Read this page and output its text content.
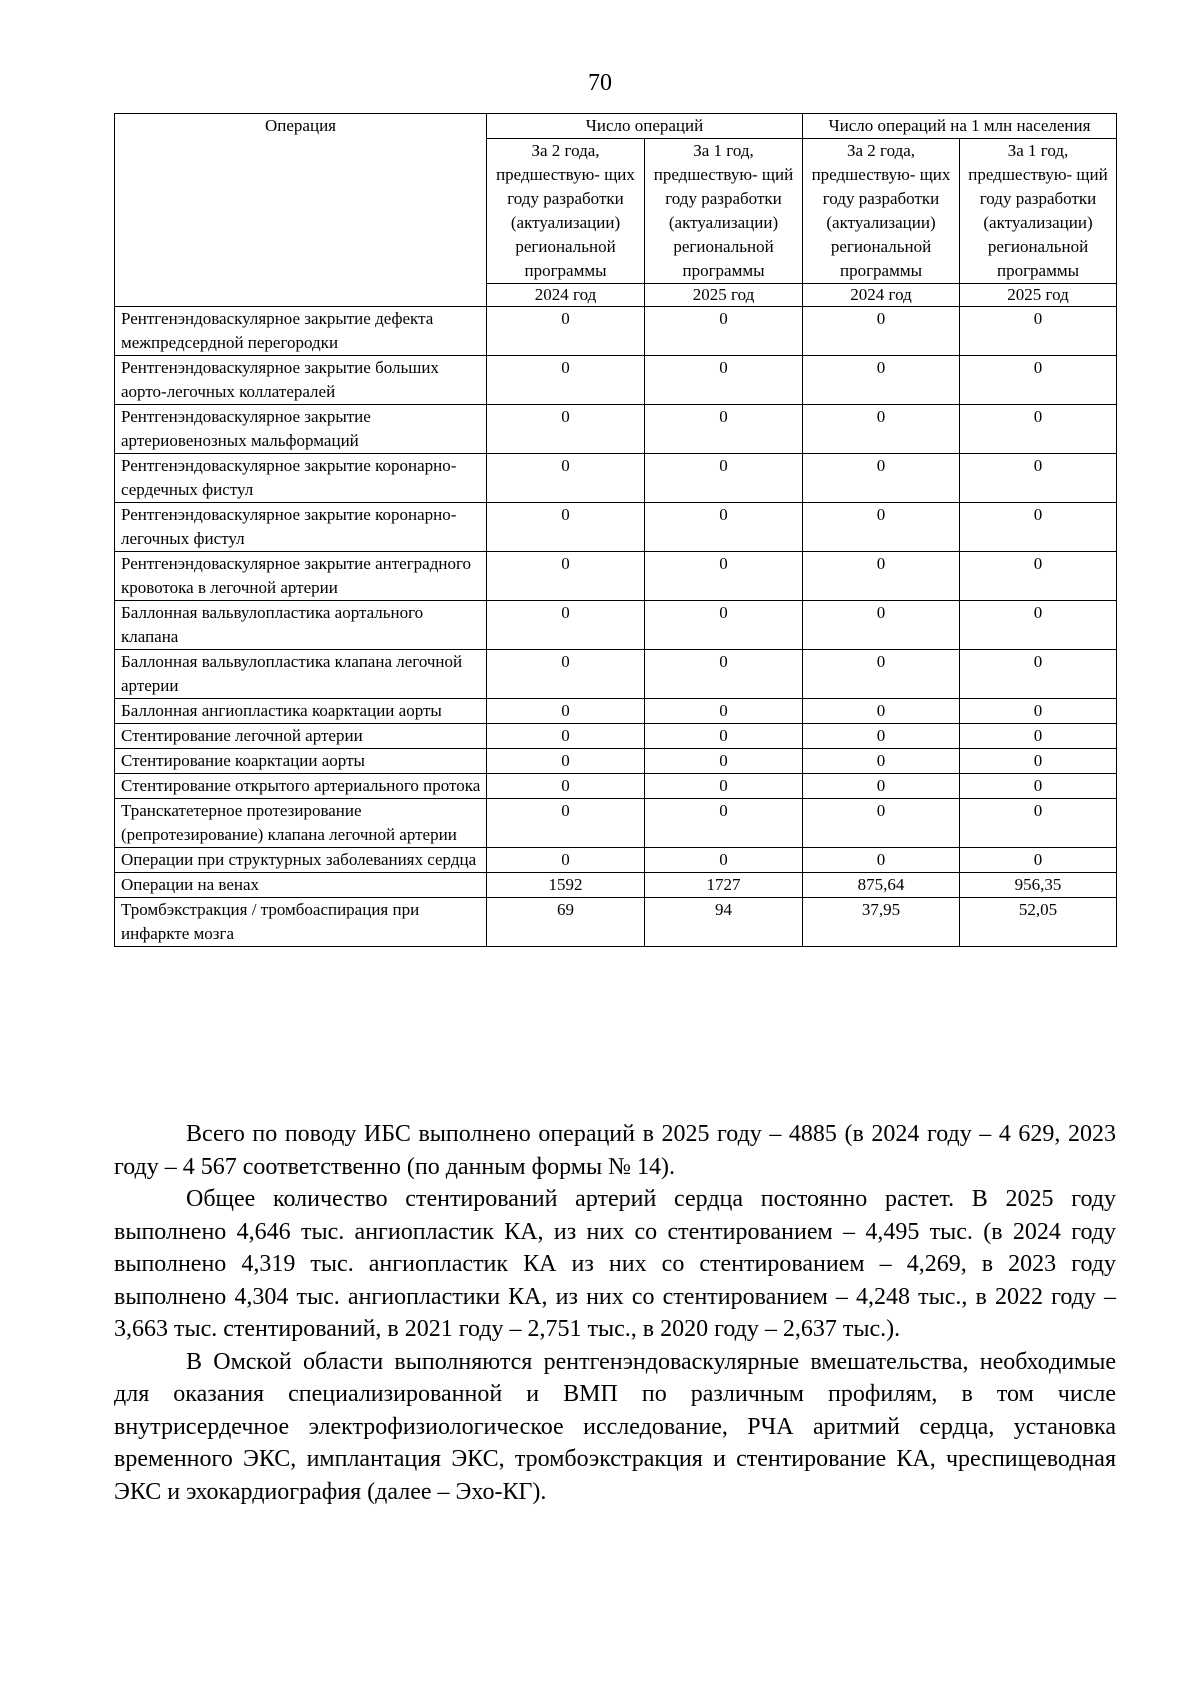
70
Операция	Число операций		Число операций на 1 млн населения	
	За 2 года, предшествую- щих году разработки (актуализации) региональной программы	За 1 год, предшествую- щий году разработки (актуализации) региональной программы	За 2 года, предшествую- щих году разработки (актуализации) региональной программы	За 1 год, предшествую- щий году разработки (актуализации) региональной программы
	2024 год	2025 год	2024 год	2025 год
Рентгенэндоваскулярное закрытие дефекта межпредсердной перегородки	0	0	0	0
Рентгенэндоваскулярное закрытие больших аорто-легочных коллатералей	0	0	0	0
Рентгенэндоваскулярное закрытие артериовенозных мальформаций	0	0	0	0
Рентгенэндоваскулярное закрытие коронарно-сердечных фистул	0	0	0	0
Рентгенэндоваскулярное закрытие коронарно-легочных фистул	0	0	0	0
Рентгенэндоваскулярное закрытие антеградного кровотока в легочной артерии	0	0	0	0
Баллонная вальвулопластика аортального клапана	0	0	0	0
Баллонная вальвулопластика клапана легочной артерии	0	0	0	0
Баллонная ангиопластика коарктации аорты	0	0	0	0
Стентирование легочной артерии	0	0	0	0
Стентирование коарктации аорты	0	0	0	0
Стентирование открытого артериального протока	0	0	0	0
Транскатетерное протезирование (репротезирование) клапана легочной артерии	0	0	0	0
Операции при структурных заболеваниях сердца	0	0	0	0
Операции на венах	1592	1727	875,64	956,35
Тромбэкстракция / тромбоаспирация при инфаркте мозга	69	94	37,95	52,05

Всего по поводу ИБС выполнено операций в 2025 году – 4885 (в 2024 году – 4 629, 2023 году – 4 567 соответственно (по данным формы № 14).

Общее количество стентирований артерий сердца постоянно растет. В 2025 году выполнено 4,646 тыс. ангиопластик КА, из них со стентированием – 4,495 тыс. (в 2024 году выполнено 4,319 тыс. ангиопластик КА из них со стентированием – 4,269, в 2023 году выполнено 4,304 тыс. ангиопластики КА, из них со стентированием – 4,248 тыс., в 2022 году – 3,663 тыс. стентирований, в 2021 году – 2,751 тыс., в 2020 году – 2,637 тыс.).

В Омской области выполняются рентгенэндоваскулярные вмешательства, необходимые для оказания специализированной и ВМП по различным профилям, в том числе внутрисердечное электрофизиологическое исследование, РЧА аритмий сердца, установка временного ЭКС, имплантация ЭКС, тромбоэкстракция и стентирование КА, чреспищеводная ЭКС и эхокардиография (далее – Эхо-КГ).
